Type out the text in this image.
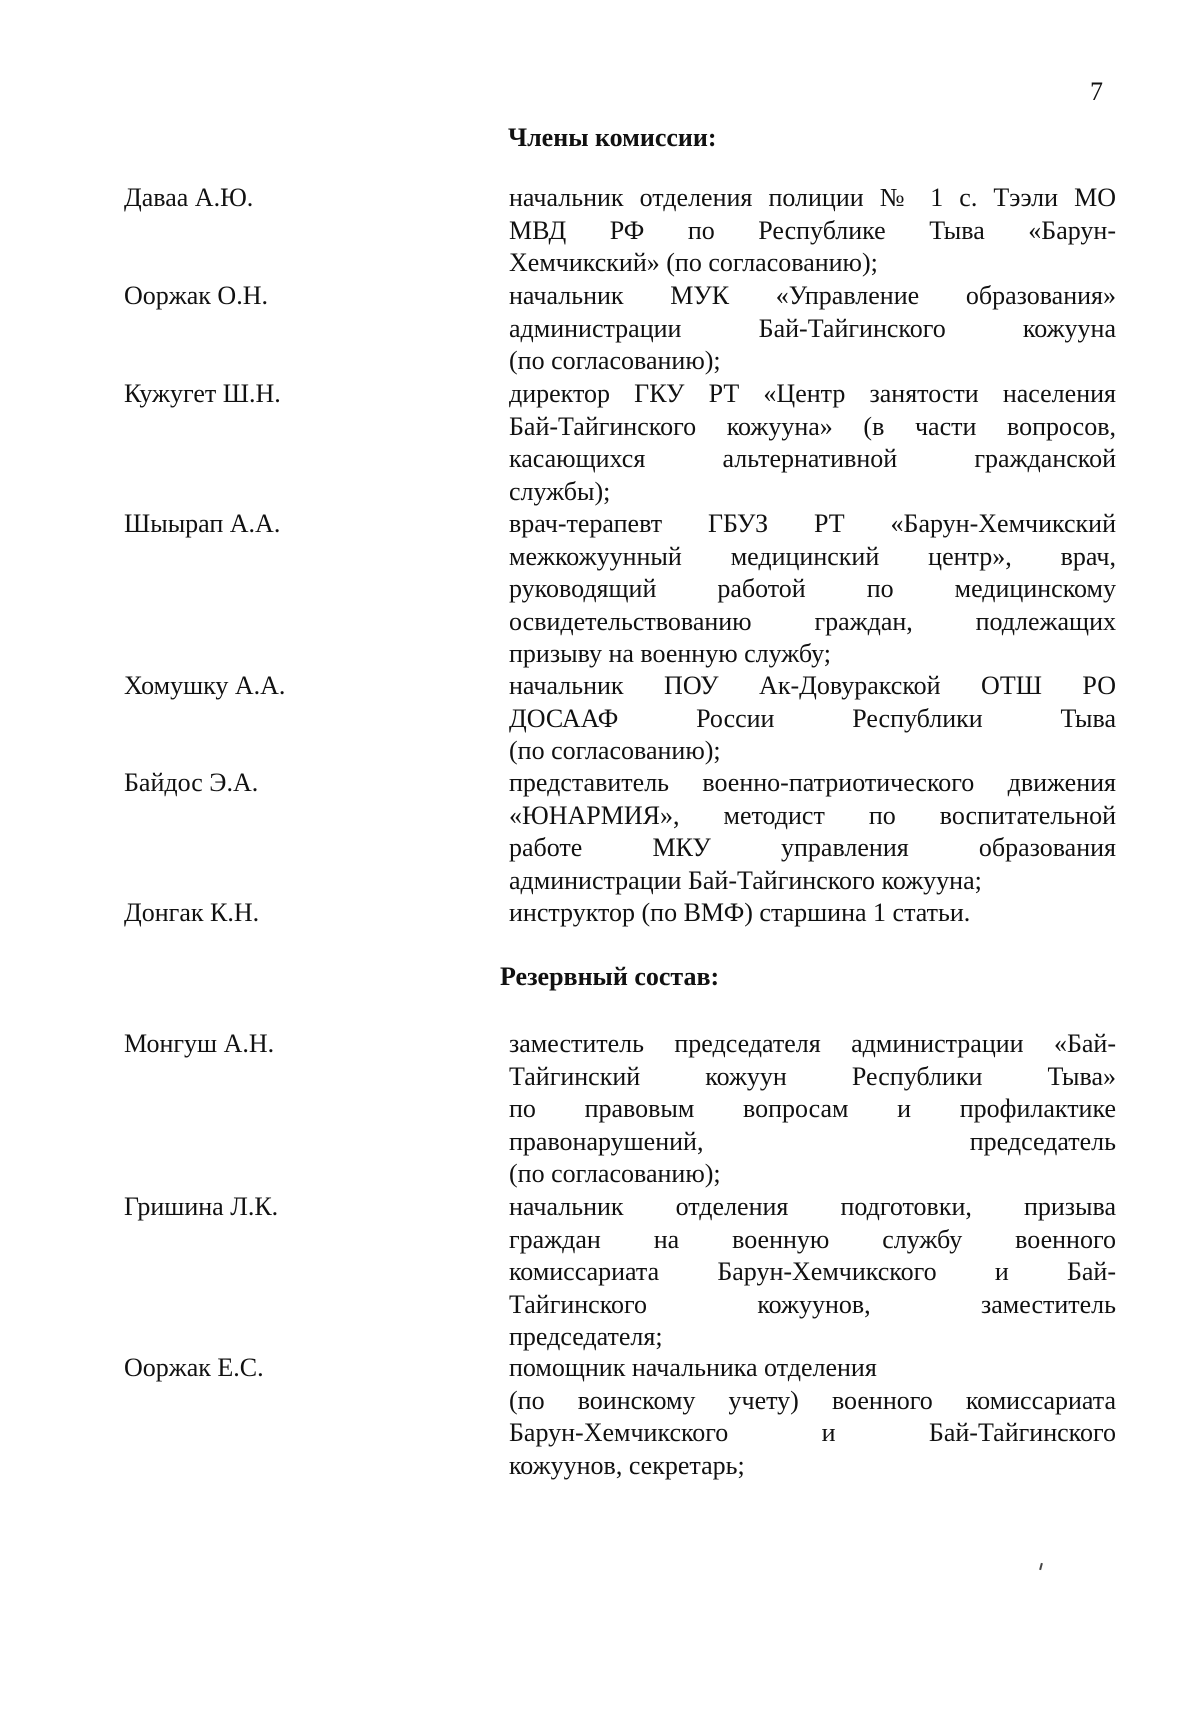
7
Члены комиссии:
Даваа А.Ю.	начальник отделения полиции № 1 с. Тээли МО
МВД РФ по Республике Тыва «Барун-
Хемчикский» (по согласованию);
Ооржак О.Н.	начальник МУК «Управление образования»
администрации Бай-Тайгинского кожууна
(по согласованию);
Кужугет Ш.Н.	директор ГКУ РТ «Центр занятости населения
Бай-Тайгинского кожууна» (в части вопросов,
касающихся альтернативной гражданской
службы);
Шыырап А.А.	врач-терапевт ГБУЗ РТ «Барун-Хемчикский
межкожуунный медицинский центр», врач,
руководящий работой по медицинскому
освидетельствованию граждан, подлежащих
призыву на военную службу;
Хомушку А.А.	начальник ПОУ Ак-Довуракской ОТШ РО
ДОСААФ России Республики Тыва
(по согласованию);
Байдос Э.А.	представитель военно-патриотического движения
«ЮНАРМИЯ», методист по воспитательной
работе МКУ управления образования
администрации Бай-Тайгинского кожууна;
Донгак К.Н.	инструктор (по ВМФ) старшина 1 статьи.
Резервный состав:
Монгуш А.Н.	заместитель председателя администрации «Бай-
Тайгинский кожуун Республики Тыва»
по правовым вопросам и профилактике
правонарушений, председатель
(по согласованию);
Гришина Л.К.	начальник отделения подготовки, призыва
граждан на военную службу военного
комиссариата Барун-Хемчикского и Бай-
Тайгинского кожуунов, заместитель
председателя;
Ооржак Е.С.	помощник начальника отделения
(по воинскому учету) военного комиссариата
Барун-Хемчикского и Бай-Тайгинского
кожуунов, секретарь;
